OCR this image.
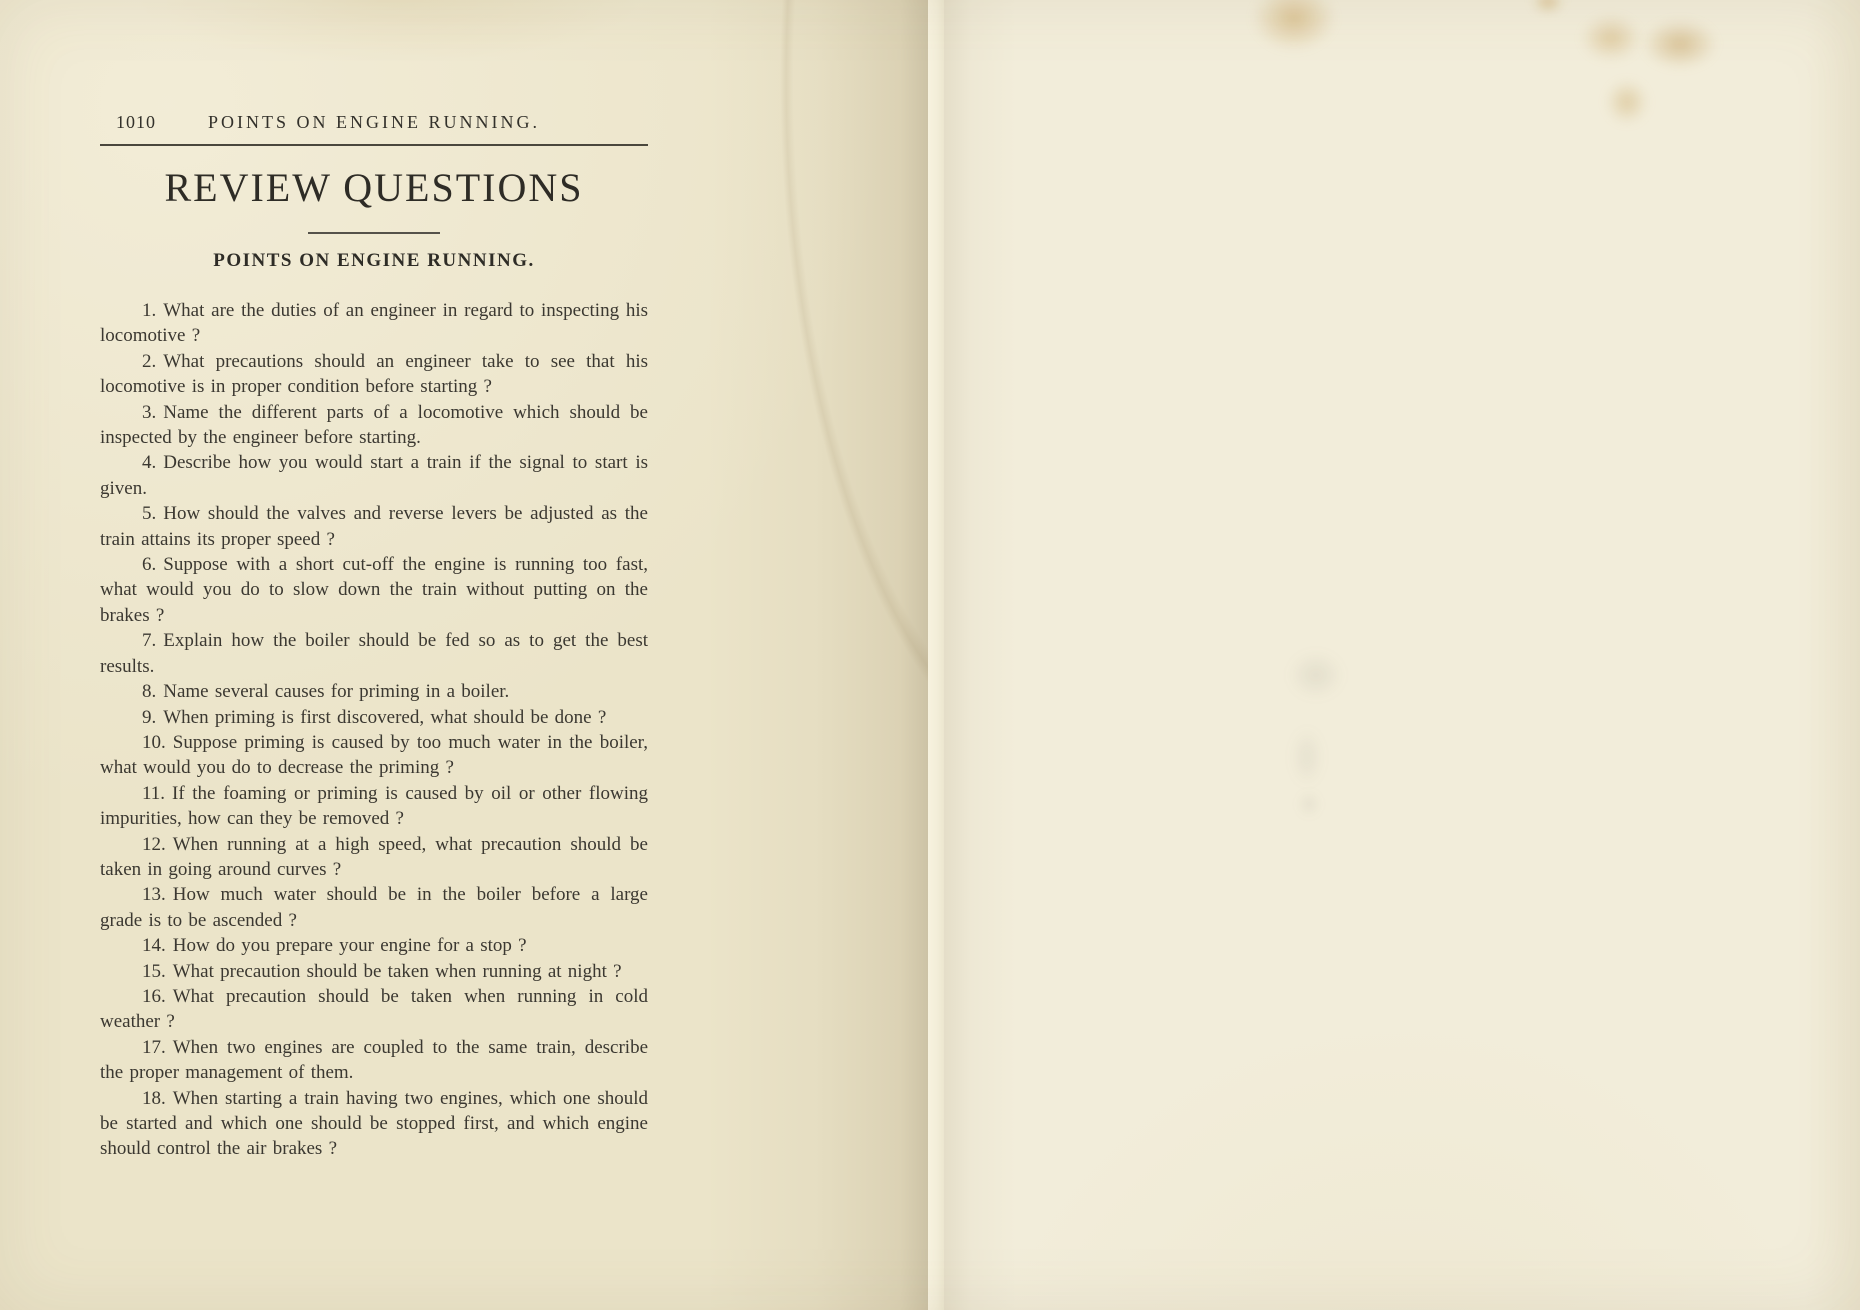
1010	POINTS ON ENGINE RUNNING.
REVIEW QUESTIONS
POINTS ON ENGINE RUNNING.

1. What are the duties of an engineer in regard to inspecting his locomotive ?

2. What precautions should an engineer take to see that his locomotive is in proper condition before starting ?

3. Name the different parts of a locomotive which should be inspected by the engineer before starting.

4. Describe how you would start a train if the signal to start is given.

5. How should the valves and reverse levers be adjusted as the train attains its proper speed ?

6. Suppose with a short cut-off the engine is running too fast, what would you do to slow down the train without putting on the brakes ?

7. Explain how the boiler should be fed so as to get the best results.

8. Name several causes for priming in a boiler.

9. When priming is first discovered, what should be done ?

10. Suppose priming is caused by too much water in the boiler, what would you do to decrease the priming ?

11. If the foaming or priming is caused by oil or other flowing impurities, how can they be removed ?

12. When running at a high speed, what precaution should be taken in going around curves ?

13. How much water should be in the boiler before a large grade is to be ascended ?

14. How do you prepare your engine for a stop ?

15. What precaution should be taken when running at night ?

16. What precaution should be taken when running in cold weather ?

17. When two engines are coupled to the same train, describe the proper management of them.

18. When starting a train having two engines, which one should be started and which one should be stopped first, and which engine should control the air brakes ?
